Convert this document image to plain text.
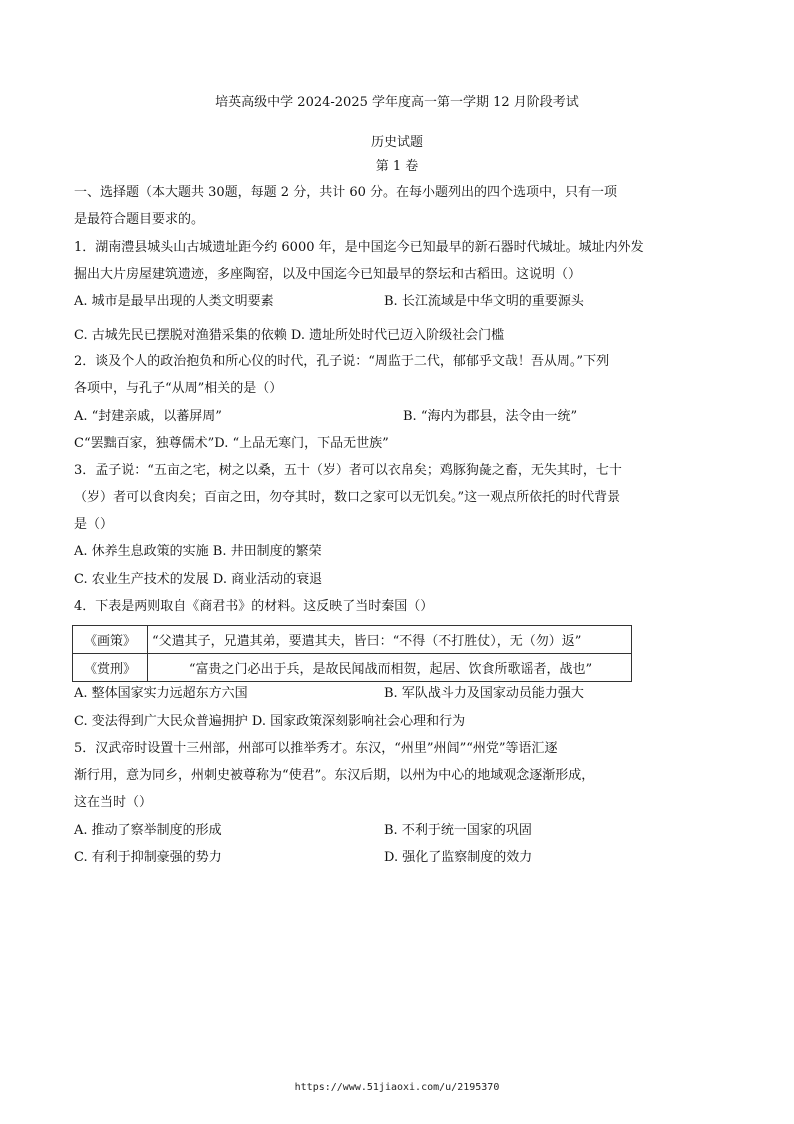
培英高级中学 2024-2025 学年度高一第一学期 12 月阶段考试
历史试题
第 1 卷
一、选择题（本大题共 30题，每题 2 分，共计 60 分。在每小题列出的四个选项中，只有一项
是最符合题目要求的。
1．湖南澧县城头山古城遗址距今约 6000 年，是中国迄今已知最早的新石器时代城址。城址内外发
掘出大片房屋建筑遗迹，多座陶窑，以及中国迄今已知最早的祭坛和古稻田。这说明（）
A. 城市是最早出现的人类文明要素	B. 长江流域是中华文明的重要源头
C. 古城先民已摆脱对渔猎采集的依赖 D. 遗址所处时代已迈入阶级社会门槛
2．谈及个人的政治抱负和所心仪的时代，孔子说：“周监于二代，郁郁乎文哉！吾从周。”下列
各项中，与孔子“从周”相关的是（）
A. “封建亲戚，以蕃屏周”	B. “海内为郡县，法令由一统”
C“罢黜百家，独尊儒术”D. “上品无寒门，下品无世族”
3．孟子说：“五亩之宅，树之以桑，五十（岁）者可以衣帛矣；鸡豚狗彘之畜，无失其时，七十
（岁）者可以食肉矣；百亩之田，勿夺其时，数口之家可以无饥矣。”这一观点所依托的时代背景
是（）
A. 休养生息政策的实施 B. 井田制度的繁荣
C. 农业生产技术的发展 D. 商业活动的衰退
4．下表是两则取自《商君书》的材料。这反映了当时秦国（）
《画策》	“父遣其子，兄遣其弟，要遣其夫，皆曰：“不得（不打胜仗），无（勿）返”
《赏刑》	“富贵之门必出于兵，是故民闻战而相贺，起居、饮食所歌谣者，战也”
A. 整体国家实力远超东方六国	B. 军队战斗力及国家动员能力强大
C. 变法得到广大民众普遍拥护 D. 国家政策深刻影响社会心理和行为
5．汉武帝时设置十三州部，州部可以推举秀才。东汉，“州里”州闾”“州党”等语汇逐
渐行用，意为同乡，州刺史被尊称为“使君”。东汉后期，以州为中心的地域观念逐渐形成，
这在当时（）
A. 推动了察举制度的形成	B. 不利于统一国家的巩固
C. 有利于抑制豪强的势力	D. 强化了监察制度的效力
https://www.51jiaoxi.com/u/2195370
